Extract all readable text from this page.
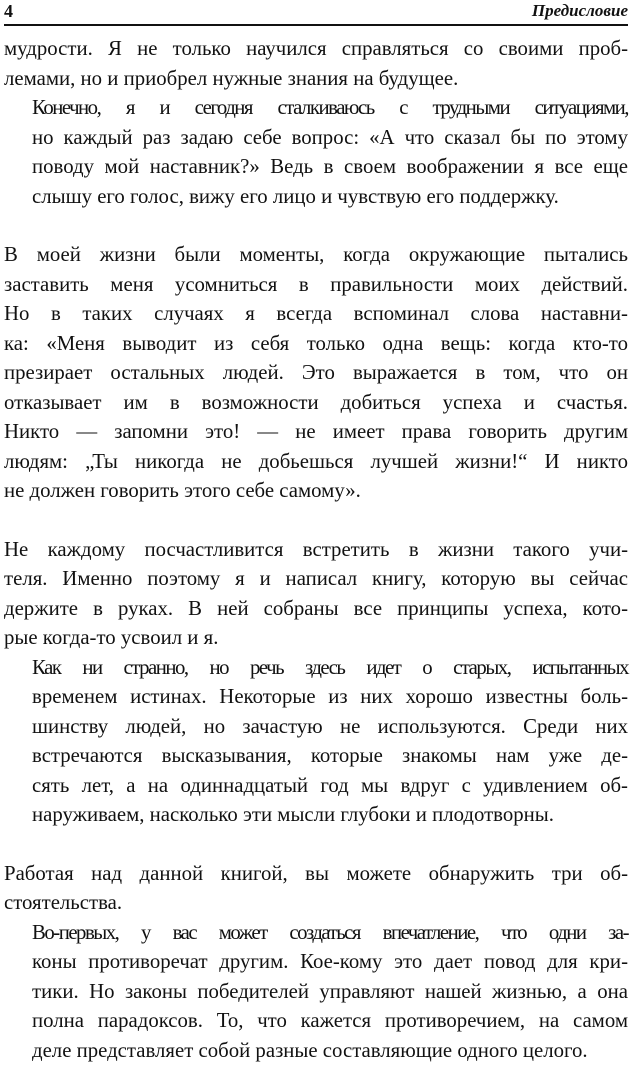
4	Предисловие

мудрости. Я не только научился справляться со своими проб-
лемами, но и приобрел нужные знания на будущее.

Конечно, я и сегодня сталкиваюсь с трудными ситуациями,
но каждый раз задаю себе вопрос: «А что сказал бы по этому
поводу мой наставник?» Ведь в своем воображении я все еще
слышу его голос, вижу его лицо и чувствую его поддержку.

В моей жизни были моменты, когда окружающие пытались
заставить меня усомниться в правильности моих действий.
Но в таких случаях я всегда вспоминал слова наставни-
ка: «Меня выводит из себя только одна вещь: когда кто-то
презирает остальных людей. Это выражается в том, что он
отказывает им в возможности добиться успеха и счастья.
Никто — запомни это! — не имеет права говорить другим
людям: „Ты никогда не добьешься лучшей жизни!“ И никто
не должен говорить этого себе самому».

Не каждому посчастливится встретить в жизни такого учи-
теля. Именно поэтому я и написал книгу, которую вы сейчас
держите в руках. В ней собраны все принципы успеха, кото-
рые когда-то усвоил и я.

Как ни странно, но речь здесь идет о старых, испытанных
временем истинах. Некоторые из них хорошо известны боль-
шинству людей, но зачастую не используются. Среди них
встречаются высказывания, которые знакомы нам уже де-
сять лет, а на одиннадцатый год мы вдруг с удивлением об-
наруживаем, насколько эти мысли глубоки и плодотворны.

Работая над данной книгой, вы можете обнаружить три об-
стоятельства.

Во-первых, у вас может создаться впечатление, что одни за-
коны противоречат другим. Кое-кому это дает повод для кри-
тики. Но законы победителей управляют нашей жизнью, а она
полна парадоксов. То, что кажется противоречием, на самом
деле представляет собой разные составляющие одного целого.
